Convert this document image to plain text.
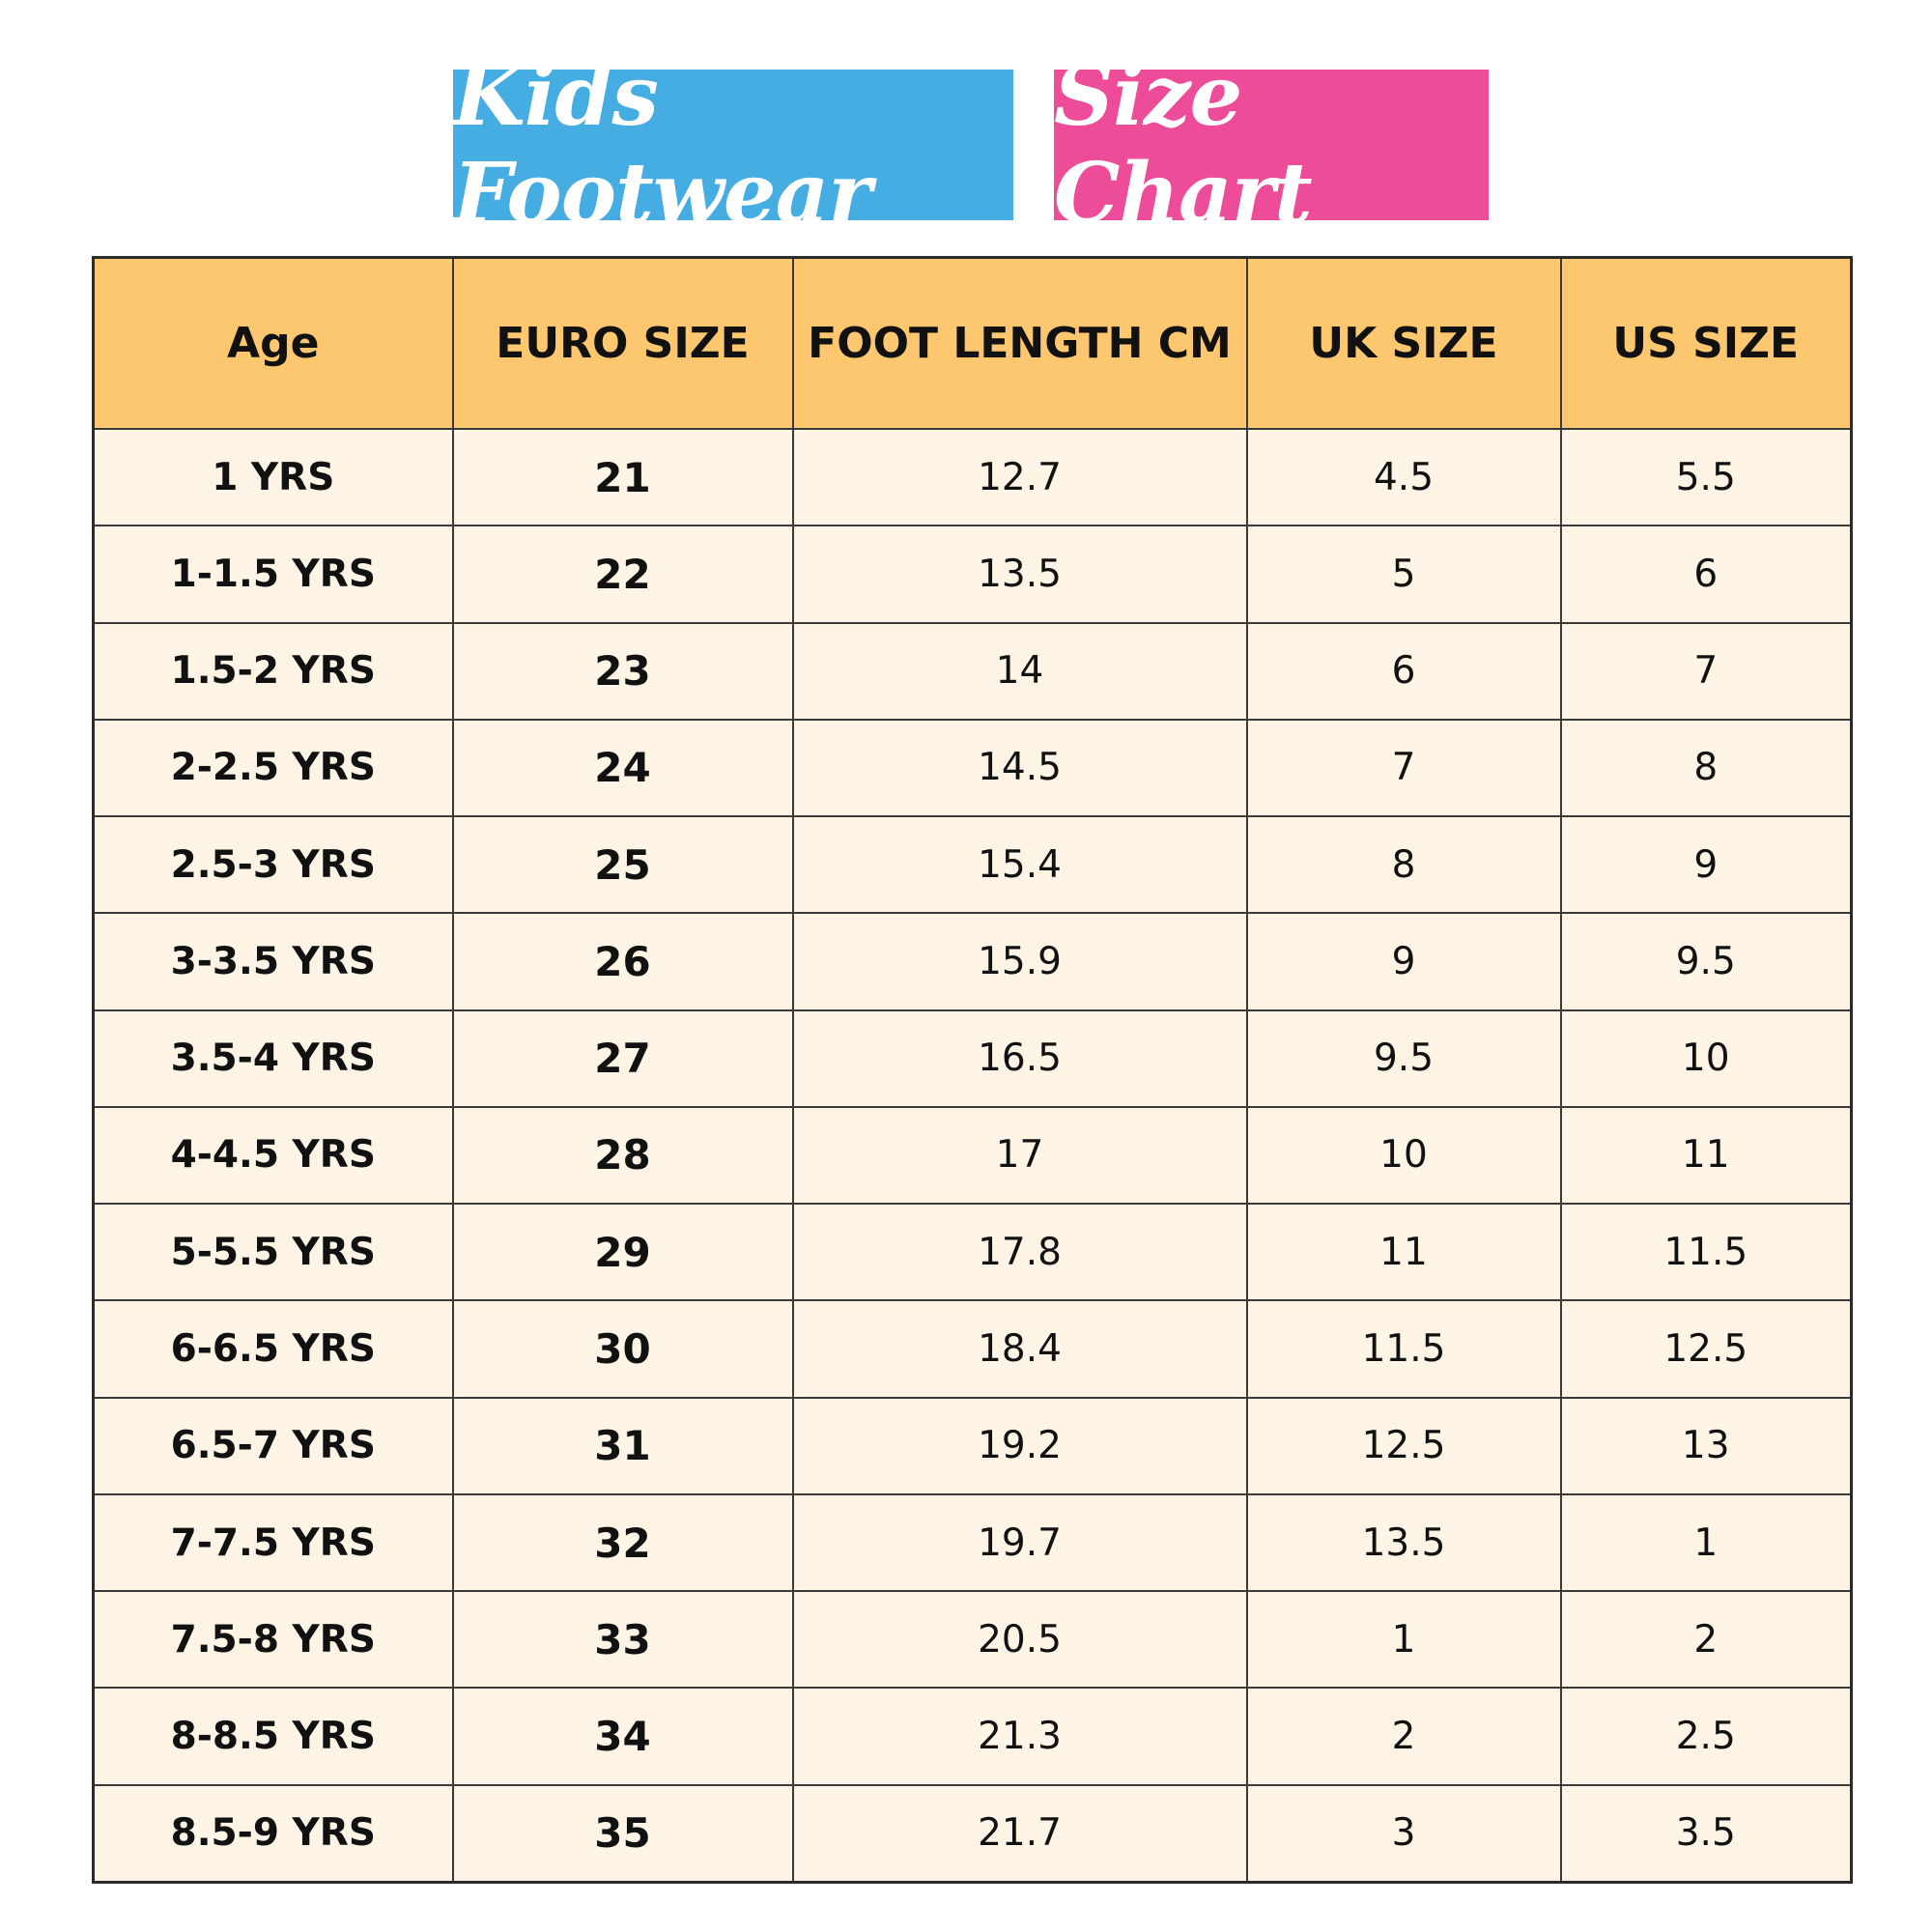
Kids Footwear
Size Chart
Age	EURO SIZE	FOOT LENGTH CM	UK SIZE	US SIZE
1 YRS	21	12.7	4.5	5.5
1-1.5 YRS	22	13.5	5	6
1.5-2 YRS	23	14	6	7
2-2.5 YRS	24	14.5	7	8
2.5-3 YRS	25	15.4	8	9
3-3.5 YRS	26	15.9	9	9.5
3.5-4 YRS	27	16.5	9.5	10
4-4.5 YRS	28	17	10	11
5-5.5 YRS	29	17.8	11	11.5
6-6.5 YRS	30	18.4	11.5	12.5
6.5-7 YRS	31	19.2	12.5	13
7-7.5 YRS	32	19.7	13.5	1
7.5-8 YRS	33	20.5	1	2
8-8.5 YRS	34	21.3	2	2.5
8.5-9 YRS	35	21.7	3	3.5
